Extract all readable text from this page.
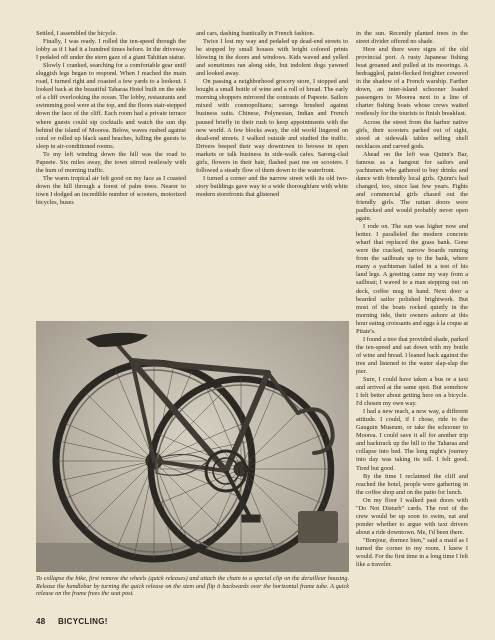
Settled, I assembled the bicycle.

Finally, I was ready. I rolled the ten-speed through the lobby as if I had it a hundred times before. In the driveway I pedaled off under the stern gaze of a giant Tahitian statue.

Slowly I cranked, searching for a comfortable gear until sluggish legs began to respond. When I reached the main road, I turned right and coasted a few yards to a lookout. I looked back at the beautiful Taharaa Hotel built on the side of a cliff overlooking the ocean. The lobby, restaurants and swimming pool were at the top, and the floors stair-stepped down the face of the cliff. Each room had a private terrace where guests could sip cocktails and watch the sun dip behind the island of Moorea. Below, waves rushed against coral or rolled up black sand beaches, lulling the guests to sleep in air-conditioned rooms.

To my left winding down the hill was the road to Papeete. Six miles away, the town stirred restlessly with the hum of morning traffic.

The warm tropical air felt good on my face as I coasted down the hill through a forest of palm trees. Nearer to town I dodged an incredible number of scooters, motorized bicycles, buses

and cars, dashing frantically in French fashion.

Twice I lost my way and pedaled up dead-end streets to be stopped by small houses with bright colored prints blowing in the doors and windows. Kids waved and yelled and sometimes ran along side, but indolent dogs yawned and looked away.

On passing a neighborhood grocery store, I stopped and bought a small bottle of wine and a roll of bread. The early morning shoppers mirrored the contrasts of Papeete. Sailors mixed with cosmopolitans; sarongs brushed against business suits. Chinese, Polynesian, Indian and French paused briefly in their rush to keep appointments with the new world. A few blocks away, the old world lingered on dead-end streets. I walked outside and studied the traffic. Drivers beeped their way downtown to browse in open markets or talk business in side-walk cafes. Sarong-clad girls, flowers in their hair, flashed past me on scooters. I followed a steady flow of them down to the waterfront.

I turned a corner and the narrow street with its old two-story buildings gave way to a wide thoroughfare with white modern storefronts that glistened

in the sun. Recently planted trees in the street divider offered no shade.

Here and there were signs of the old provincial port. A rusty Japanese fishing boat groaned and pulled at its moorings. A bedraggled, paint-flecked freighter cowered in the shadow of a French warship. Farther down, an inter-island schooner loaded passengers to Moorea next to a line of charter fishing boats whose crews waited restlessly for the tourists to finish breakfast.

Across the street from the harbor native girls, their scooters parked out of sight, stood at sidewalk tables selling shell necklaces and carved gods.

Ahead on the left was Quinn's Bar, famous as a hangout for sailors and yachtsmen who gathered to buy drinks and dance with friendly local girls. Quinn's had changed, too, since last few years. Fights and commercial girls chased out the friendly girls. The rattan doors were padlocked and would probably never open again.

I rode on. The sun was higher now and hotter. I paralleled the modern concrete wharf that replaced the grass bank. Gone were the cracked, narrow boards running from the sailboats up to the bank, where many a yachtsman failed in a test of his land legs. A greeting came my way from a sailboat; I waved to a man stepping out on deck, coffee mug in hand. Next door a bearded sailor polished brightwork. But most of the boats rocked quietly in the morning tide, their owners ashore at this hour eating croissants and eggs à la coque at Pitate's.

I found a tree that provided shade, parked the ten-speed and sat down with my bottle of wine and bread. I leaned back against the tree and listened to the water slap-slap the pier.

Sure, I could have taken a bus or a taxi and arrived at the same spot. But somehow I felt better about getting here on a bicycle. I'd chosen my own way.

I had a new reach, a new way, a different attitude. I could, if I chose, ride to the Gauguin Museum, or take the schooner to Moorea. I could save it all for another trip and backtrack up the hill to the Taharaa and collapse into bed. The long night's journey into day was taking its toll. I felt good. Tired but good.

By the time I reclaimed the cliff and reached the hotel, people were gathering in the coffee shop and on the patio for lunch.

On my floor I walked past doors with "Do Not Disturb" cards. The rest of the crew would be up soon to swim, eat and ponder whether to argue with taxi drivers about a ride downtown. Me, I'd been there.

"Bonjour, dormez bien," said a maid as I turned the corner to my room. I knew I would. For the first time in a long time I felt like a traveler.

To collapse the bike, first remove the wheels (quick releases) and attach the chain to a special clip on the derailleur housing. Release the handlebar by turning the quick release on the stem and flip it backwards over the horizontal frame tube. A quick release on the frame frees the seat post.
48 BICYCLING!
